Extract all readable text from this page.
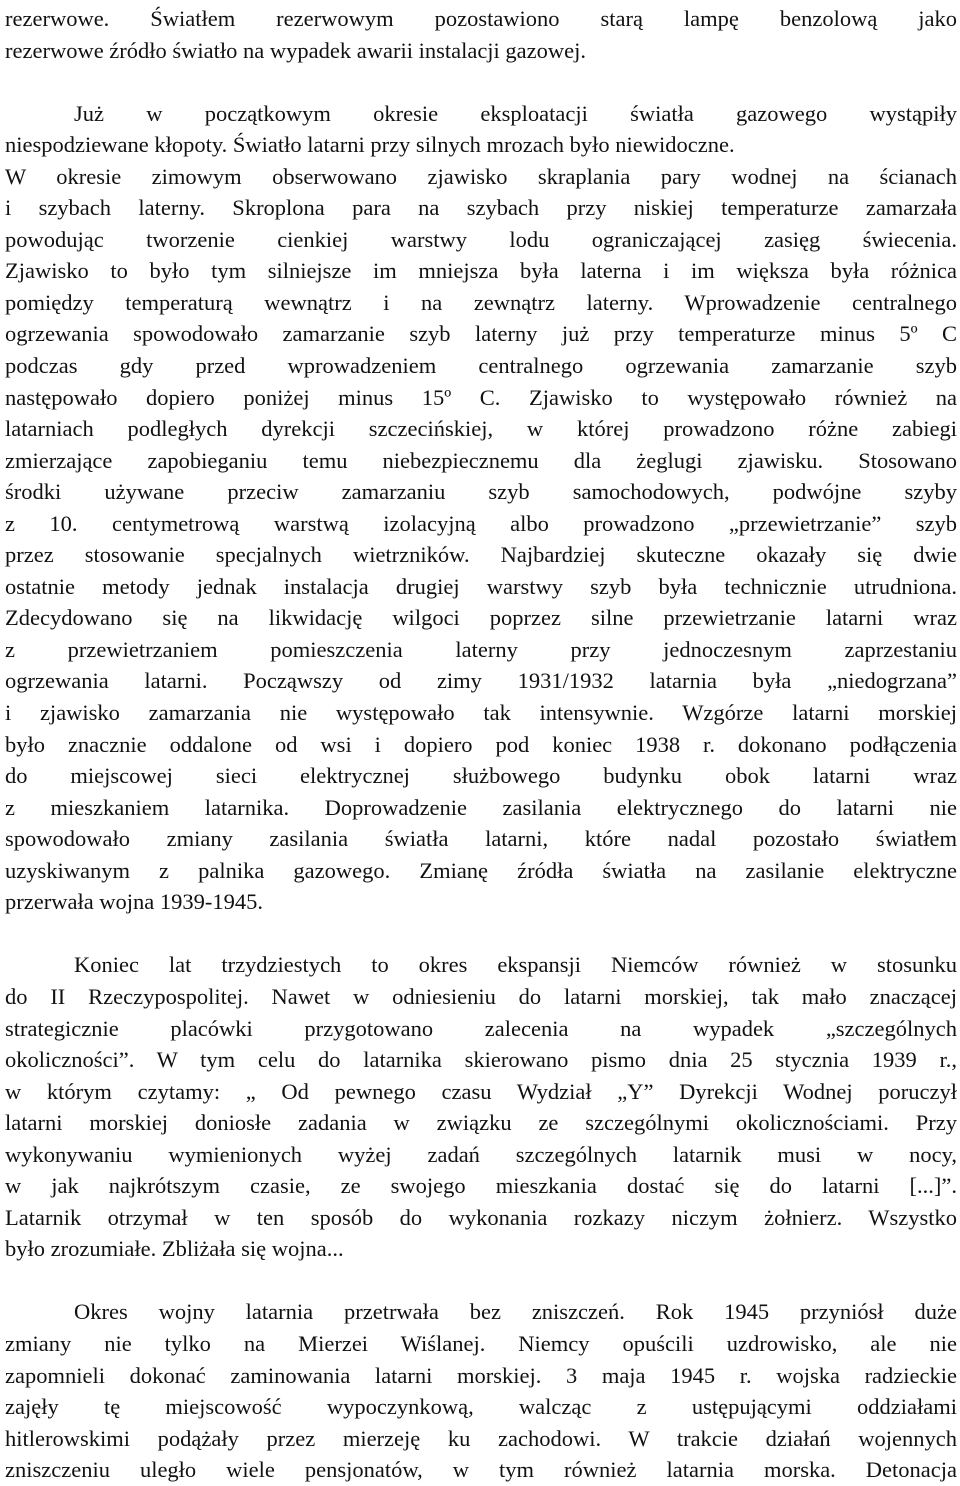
rezerwowe. Światłem rezerwowym pozostawiono starą lampę benzolową jako
rezerwowe źródło światło na wypadek awarii instalacji gazowej.
Już w początkowym okresie eksploatacji światła gazowego wystąpiły
niespodziewane kłopoty. Światło latarni przy silnych mrozach było niewidoczne.
W okresie zimowym obserwowano zjawisko skraplania pary wodnej na ścianach
i szybach laterny. Skroplona para na szybach przy niskiej temperaturze zamarzała
powodując tworzenie cienkiej warstwy lodu ograniczającej zasięg świecenia.
Zjawisko to było tym silniejsze im mniejsza była laterna i im większa była różnica
pomiędzy temperaturą wewnątrz i na zewnątrz laterny. Wprowadzenie centralnego
ogrzewania spowodowało zamarzanie szyb laterny już przy temperaturze minus 5º C
podczas gdy przed wprowadzeniem centralnego ogrzewania zamarzanie szyb
następowało dopiero poniżej minus 15º C. Zjawisko to występowało również na
latarniach podległych dyrekcji szczecińskiej, w której prowadzono różne zabiegi
zmierzające zapobieganiu temu niebezpiecznemu dla żeglugi zjawisku. Stosowano
środki używane przeciw zamarzaniu szyb samochodowych, podwójne szyby
z 10. centymetrową warstwą izolacyjną albo prowadzono „przewietrzanie” szyb
przez stosowanie specjalnych wietrzników. Najbardziej skuteczne okazały się dwie
ostatnie metody jednak instalacja drugiej warstwy szyb była technicznie utrudniona.
Zdecydowano się na likwidację wilgoci poprzez silne przewietrzanie latarni wraz
z przewietrzaniem pomieszczenia laterny przy jednoczesnym zaprzestaniu
ogrzewania latarni. Począwszy od zimy 1931/1932 latarnia była „niedogrzana”
i zjawisko zamarzania nie występowało tak intensywnie. Wzgórze latarni morskiej
było znacznie oddalone od wsi i dopiero pod koniec 1938 r. dokonano podłączenia
do miejscowej sieci elektrycznej służbowego budynku obok latarni wraz
z mieszkaniem latarnika. Doprowadzenie zasilania elektrycznego do latarni nie
spowodowało zmiany zasilania światła latarni, które nadal pozostało światłem
uzyskiwanym z palnika gazowego. Zmianę źródła światła na zasilanie elektryczne
przerwała wojna 1939-1945.
Koniec lat trzydziestych to okres ekspansji Niemców również w stosunku
do II Rzeczypospolitej. Nawet w odniesieniu do latarni morskiej, tak mało znaczącej
strategicznie placówki przygotowano zalecenia na wypadek „szczególnych
okoliczności”. W tym celu do latarnika skierowano pismo dnia 25 stycznia 1939 r.,
w którym czytamy: „ Od pewnego czasu Wydział „Y” Dyrekcji Wodnej poruczył
latarni morskiej doniosłe zadania w związku ze szczególnymi okolicznościami. Przy
wykonywaniu wymienionych wyżej zadań szczególnych latarnik musi w nocy,
w jak najkrótszym czasie, ze swojego mieszkania dostać się do latarni [...]”.
Latarnik otrzymał w ten sposób do wykonania rozkazy niczym żołnierz. Wszystko
było zrozumiałe. Zbliżała się wojna...
Okres wojny latarnia przetrwała bez zniszczeń. Rok 1945 przyniósł duże
zmiany nie tylko na Mierzei Wiślanej. Niemcy opuścili uzdrowisko, ale nie
zapomnieli dokonać zaminowania latarni morskiej. 3 maja 1945 r. wojska radzieckie
zajęły tę miejscowość wypoczynkową, walcząc z ustępującymi oddziałami
hitlerowskimi podążały przez mierzeję ku zachodowi. W trakcie działań wojennych
zniszczeniu uległo wiele pensjonatów, w tym również latarnia morska. Detonacja
